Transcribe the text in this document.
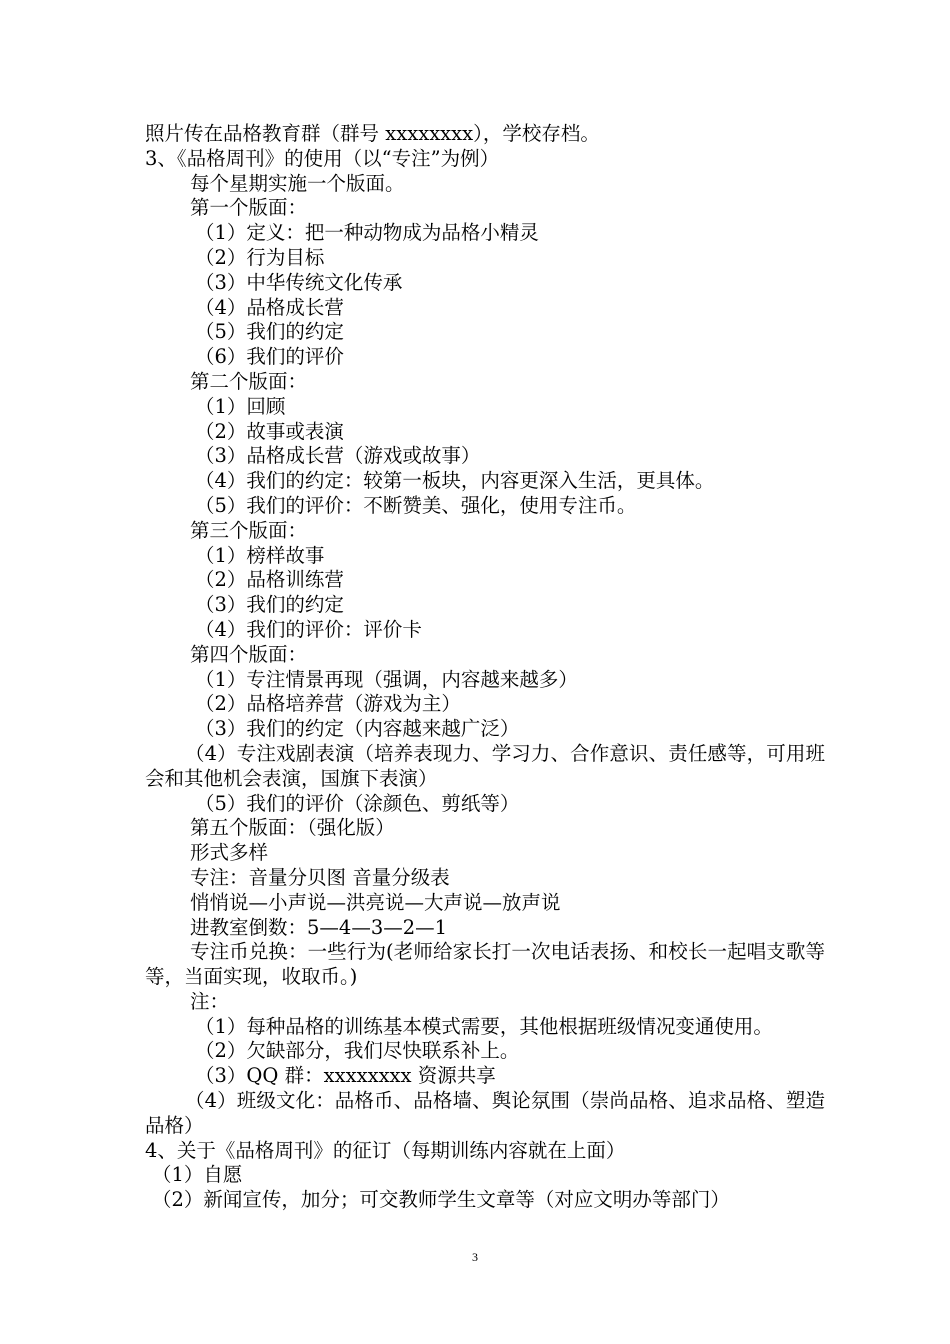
照片传在品格教育群（群号 xxxxxxxx），学校存档。
3、《品格周刊》的使用（以“专注”为例）
每个星期实施一个版面。
第一个版面：
（1）定义：把一种动物成为品格小精灵
（2）行为目标
（3）中华传统文化传承
（4）品格成长营
（5）我们的约定
（6）我们的评价
第二个版面：
（1）回顾
（2）故事或表演
（3）品格成长营（游戏或故事）
（4）我们的约定：较第一板块，内容更深入生活，更具体。
（5）我们的评价：不断赞美、强化，使用专注币。
第三个版面：
（1）榜样故事
（2）品格训练营
（3）我们的约定
（4）我们的评价：评价卡
第四个版面：
（1）专注情景再现（强调，内容越来越多）
（2）品格培养营（游戏为主）
（3）我们的约定（内容越来越广泛）
（4）专注戏剧表演（培养表现力、学习力、合作意识、责任感等，可用班会和其他机会表演，国旗下表演）
（5）我们的评价（涂颜色、剪纸等）
第五个版面：（强化版）
形式多样
专注：音量分贝图 音量分级表
悄悄说—小声说—洪亮说—大声说—放声说
进教室倒数：5—4—3—2—1
专注币兑换：一些行为(老师给家长打一次电话表扬、和校长一起唱支歌等等，当面实现，收取币。)
注：
（1）每种品格的训练基本模式需要，其他根据班级情况变通使用。
（2）欠缺部分，我们尽快联系补上。
（3）QQ 群：xxxxxxxx 资源共享
（4）班级文化：品格币、品格墙、舆论氛围（崇尚品格、追求品格、塑造品格）
4、关于《品格周刊》的征订（每期训练内容就在上面）
（1）自愿
（2）新闻宣传，加分；可交教师学生文章等（对应文明办等部门）
3
